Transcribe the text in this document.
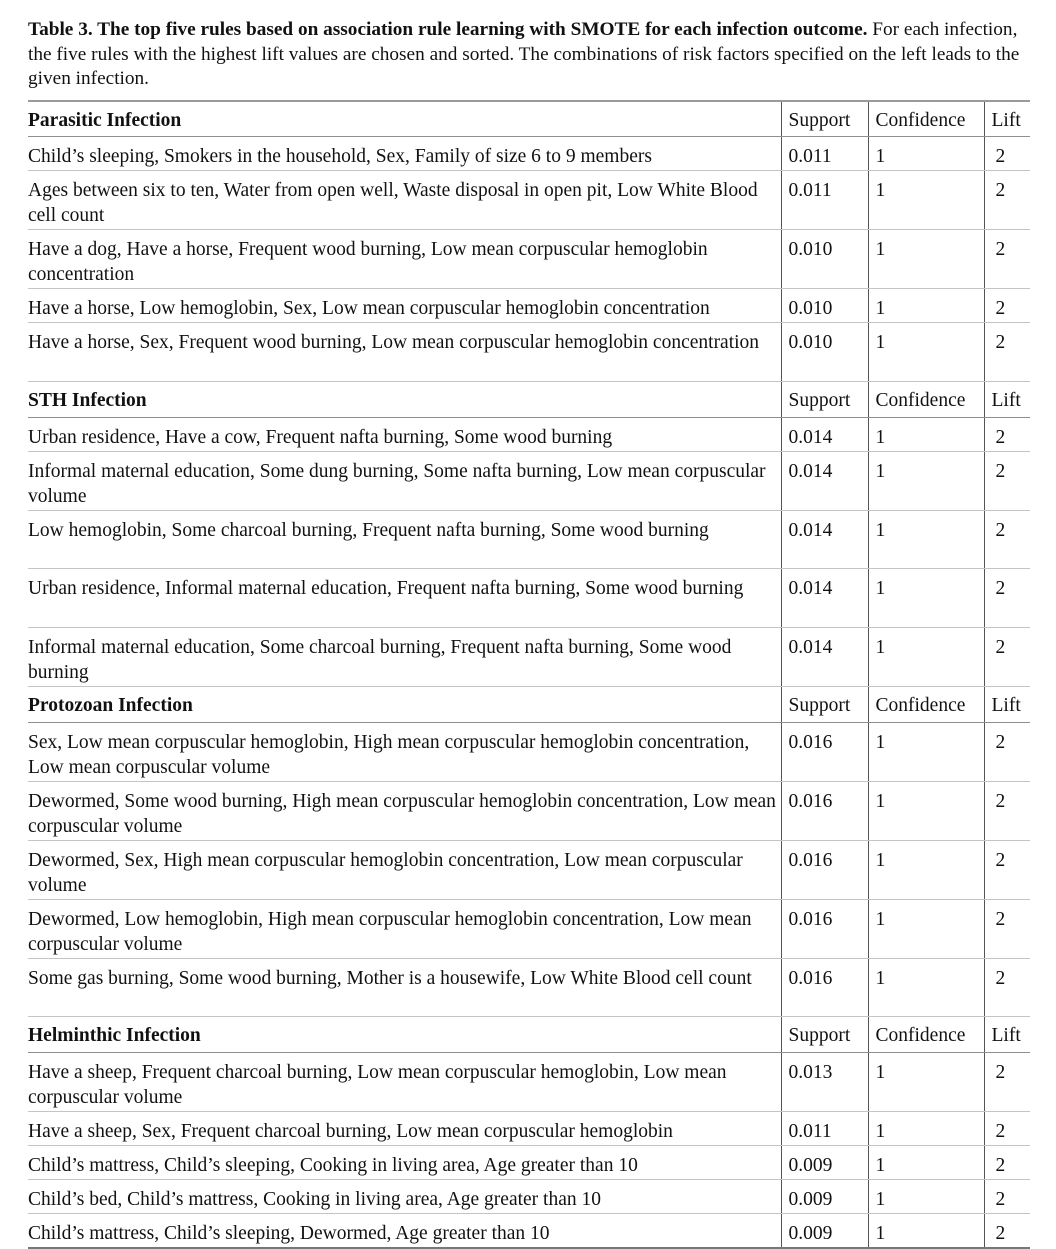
Table 3. The top five rules based on association rule learning with SMOTE for each infection outcome. For each infection, the five rules with the highest lift values are chosen and sorted. The combinations of risk factors specified on the left leads to the given infection.

Parasitic Infection	Support	Confidence	Lift
Child’s sleeping, Smokers in the household, Sex, Family of size 6 to 9 members	0.011	1	2
Ages between six to ten, Water from open well, Waste disposal in open pit, Low White Blood cell count	0.011	1	2
Have a dog, Have a horse, Frequent wood burning, Low mean corpuscular hemoglobin concentration	0.010	1	2
Have a horse, Low hemoglobin, Sex, Low mean corpuscular hemoglobin concentration	0.010	1	2
Have a horse, Sex, Frequent wood burning, Low mean corpuscular hemoglobin concentration	0.010	1	2
STH Infection	Support	Confidence	Lift
Urban residence, Have a cow, Frequent nafta burning, Some wood burning	0.014	1	2
Informal maternal education, Some dung burning, Some nafta burning, Low mean corpuscular volume	0.014	1	2
Low hemoglobin, Some charcoal burning, Frequent nafta burning, Some wood burning	0.014	1	2
Urban residence, Informal maternal education, Frequent nafta burning, Some wood burning	0.014	1	2
Informal maternal education, Some charcoal burning, Frequent nafta burning, Some wood burning	0.014	1	2
Protozoan Infection	Support	Confidence	Lift
Sex, Low mean corpuscular hemoglobin, High mean corpuscular hemoglobin concentration, Low mean corpuscular volume	0.016	1	2
Dewormed, Some wood burning, High mean corpuscular hemoglobin concentration, Low mean corpuscular volume	0.016	1	2
Dewormed, Sex, High mean corpuscular hemoglobin concentration, Low mean corpuscular volume	0.016	1	2
Dewormed, Low hemoglobin, High mean corpuscular hemoglobin concentration, Low mean corpuscular volume	0.016	1	2
Some gas burning, Some wood burning, Mother is a housewife, Low White Blood cell count	0.016	1	2
Helminthic Infection	Support	Confidence	Lift
Have a sheep, Frequent charcoal burning, Low mean corpuscular hemoglobin, Low mean corpuscular volume	0.013	1	2
Have a sheep, Sex, Frequent charcoal burning, Low mean corpuscular hemoglobin	0.011	1	2
Child’s mattress, Child’s sleeping, Cooking in living area, Age greater than 10	0.009	1	2
Child’s bed, Child’s mattress, Cooking in living area, Age greater than 10	0.009	1	2
Child’s mattress, Child’s sleeping, Dewormed, Age greater than 10	0.009	1	2
